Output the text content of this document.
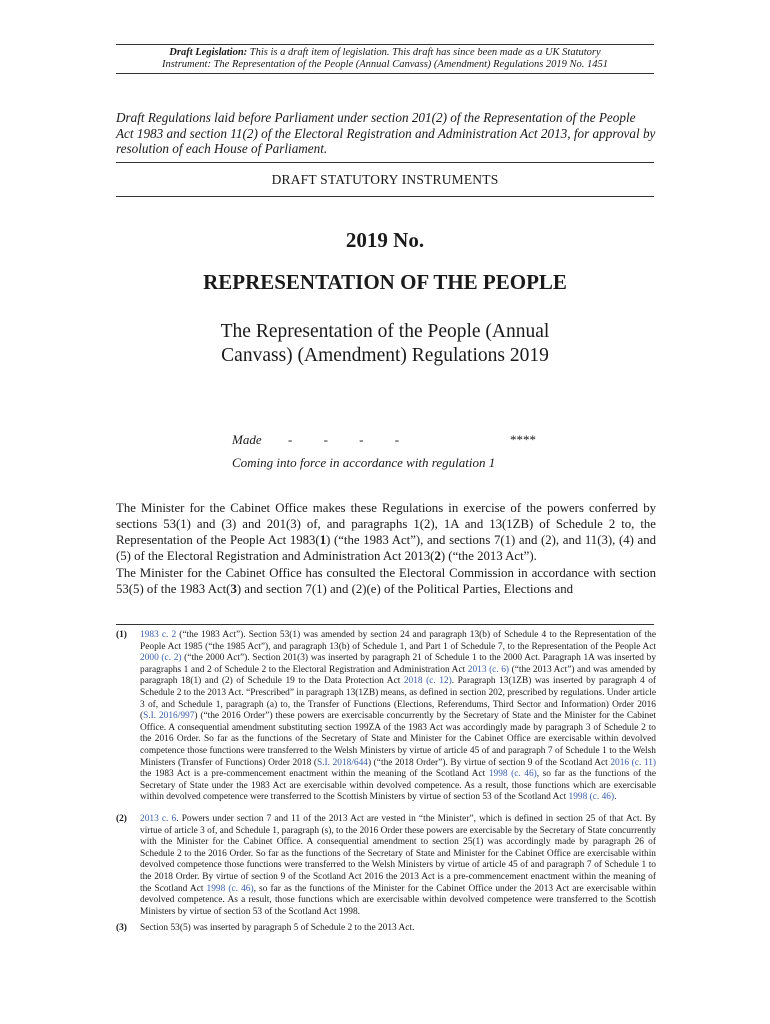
Draft Legislation: This is a draft item of legislation. This draft has since been made as a UK Statutory
Instrument: The Representation of the People (Annual Canvass) (Amendment) Regulations 2019 No. 1451
Draft Regulations laid before Parliament under section 201(2) of the Representation of the People Act 1983 and section 11(2) of the Electoral Registration and Administration Act 2013, for approval by resolution of each House of Parliament.
DRAFT STATUTORY INSTRUMENTS
2019 No.
REPRESENTATION OF THE PEOPLE
The Representation of the People (Annual
Canvass) (Amendment) Regulations 2019
Made - - - -	****
Coming into force in accordance with regulation 1
The Minister for the Cabinet Office makes these Regulations in exercise of the powers conferred by sections 53(1) and (3) and 201(3) of, and paragraphs 1(2), 1A and 13(1ZB) of Schedule 2 to, the Representation of the People Act 1983(1) (“the 1983 Act”), and sections 7(1) and (2), and 11(3), (4) and (5) of the Electoral Registration and Administration Act 2013(2) (“the 2013 Act”).
The Minister for the Cabinet Office has consulted the Electoral Commission in accordance with section 53(5) of the 1983 Act(3) and section 7(1) and (2)(e) of the Political Parties, Elections and
(1)	1983 c. 2 (“the 1983 Act”). Section 53(1) was amended by section 24 and paragraph 13(b) of Schedule 4 to the Representation of the People Act 1985 (“the 1985 Act”), and paragraph 13(b) of Schedule 1, and Part 1 of Schedule 7, to the Representation of the People Act 2000 (c. 2) (“the 2000 Act”). Section 201(3) was inserted by paragraph 21 of Schedule 1 to the 2000 Act. Paragraph 1A was inserted by paragraphs 1 and 2 of Schedule 2 to the Electoral Registration and Administration Act 2013 (c. 6) (“the 2013 Act”) and was amended by paragraph 18(1) and (2) of Schedule 19 to the Data Protection Act 2018 (c. 12). Paragraph 13(1ZB) was inserted by paragraph 4 of Schedule 2 to the 2013 Act. “Prescribed” in paragraph 13(1ZB) means, as defined in section 202, prescribed by regulations. Under article 3 of, and Schedule 1, paragraph (a) to, the Transfer of Functions (Elections, Referendums, Third Sector and Information) Order 2016 (S.I. 2016/997) (“the 2016 Order”) these powers are exercisable concurrently by the Secretary of State and the Minister for the Cabinet Office. A consequential amendment substituting section 199ZA of the 1983 Act was accordingly made by paragraph 3 of Schedule 2 to the 2016 Order. So far as the functions of the Secretary of State and Minister for the Cabinet Office are exercisable within devolved competence those functions were transferred to the Welsh Ministers by virtue of article 45 of and paragraph 7 of Schedule 1 to the Welsh Ministers (Transfer of Functions) Order 2018 (S.I. 2018/644) (“the 2018 Order”). By virtue of section 9 of the Scotland Act 2016 (c. 11) the 1983 Act is a pre-commencement enactment within the meaning of the Scotland Act 1998 (c. 46), so far as the functions of the Secretary of State under the 1983 Act are exercisable within devolved competence. As a result, those functions which are exercisable within devolved competence were transferred to the Scottish Ministers by virtue of section 53 of the Scotland Act 1998 (c. 46).
(2)	2013 c. 6. Powers under section 7 and 11 of the 2013 Act are vested in “the Minister”, which is defined in section 25 of that Act. By virtue of article 3 of, and Schedule 1, paragraph (s), to the 2016 Order these powers are exercisable by the Secretary of State concurrently with the Minister for the Cabinet Office. A consequential amendment to section 25(1) was accordingly made by paragraph 26 of Schedule 2 to the 2016 Order. So far as the functions of the Secretary of State and Minister for the Cabinet Office are exercisable within devolved competence those functions were transferred to the Welsh Ministers by virtue of article 45 of and paragraph 7 of Schedule 1 to the 2018 Order. By virtue of section 9 of the Scotland Act 2016 the 2013 Act is a pre-commencement enactment within the meaning of the Scotland Act 1998 (c. 46), so far as the functions of the Minister for the Cabinet Office under the 2013 Act are exercisable within devolved competence. As a result, those functions which are exercisable within devolved competence were transferred to the Scottish Ministers by virtue of section 53 of the Scotland Act 1998.
(3)	Section 53(5) was inserted by paragraph 5 of Schedule 2 to the 2013 Act.
